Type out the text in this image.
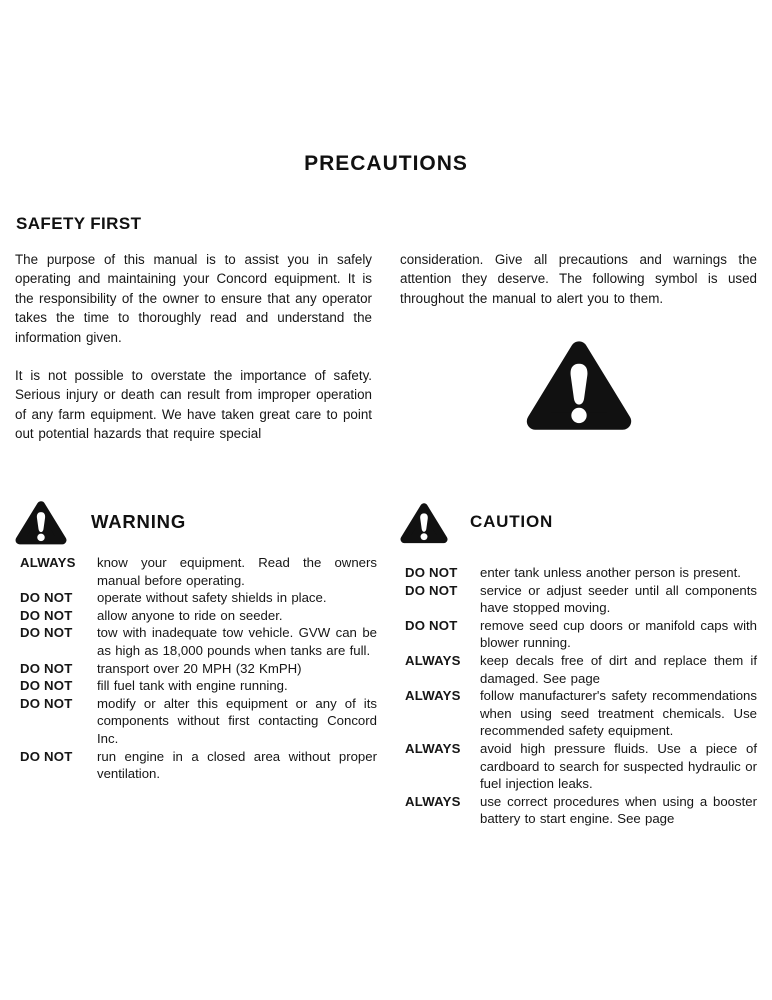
PRECAUTIONS
SAFETY FIRST

The purpose of this manual is to assist you in safely operating and maintaining your Concord equipment. It is the responsibility of the owner to ensure that any operator takes the time to thoroughly read and understand the information given.

It is not possible to overstate the importance of safety. Serious injury or death can result from improper operation of any farm equipment. We have taken great care to point out potential hazards that require special

consideration. Give all precautions and warnings the attention they deserve. The following symbol is used throughout the manual to alert you to them.

WARNING
ALWAYS	know your equipment. Read the owners manual before operating.
DO NOT	operate without safety shields in place.
DO NOT	allow anyone to ride on seeder.
DO NOT	tow with inadequate tow vehicle. GVW can be as high as 18,000 pounds when tanks are full.
DO NOT	transport over 20 MPH (32 KmPH)
DO NOT	fill fuel tank with engine running.
DO NOT	modify or alter this equipment or any of its components without first contacting Concord Inc.
DO NOT	run engine in a closed area without proper ventilation.
CAUTION
DO NOT	enter tank unless another person is present.
DO NOT	service or adjust seeder until all components have stopped moving.
DO NOT	remove seed cup doors or manifold caps with blower running.
ALWAYS	keep decals free of dirt and replace them if damaged. See page
ALWAYS	follow manufacturer's safety recommendations when using seed treatment chemicals. Use recommended safety equipment.
ALWAYS	avoid high pressure fluids. Use a piece of cardboard to search for suspected hydraulic or fuel injection leaks.
ALWAYS	use correct procedures when using a booster battery to start engine. See page
